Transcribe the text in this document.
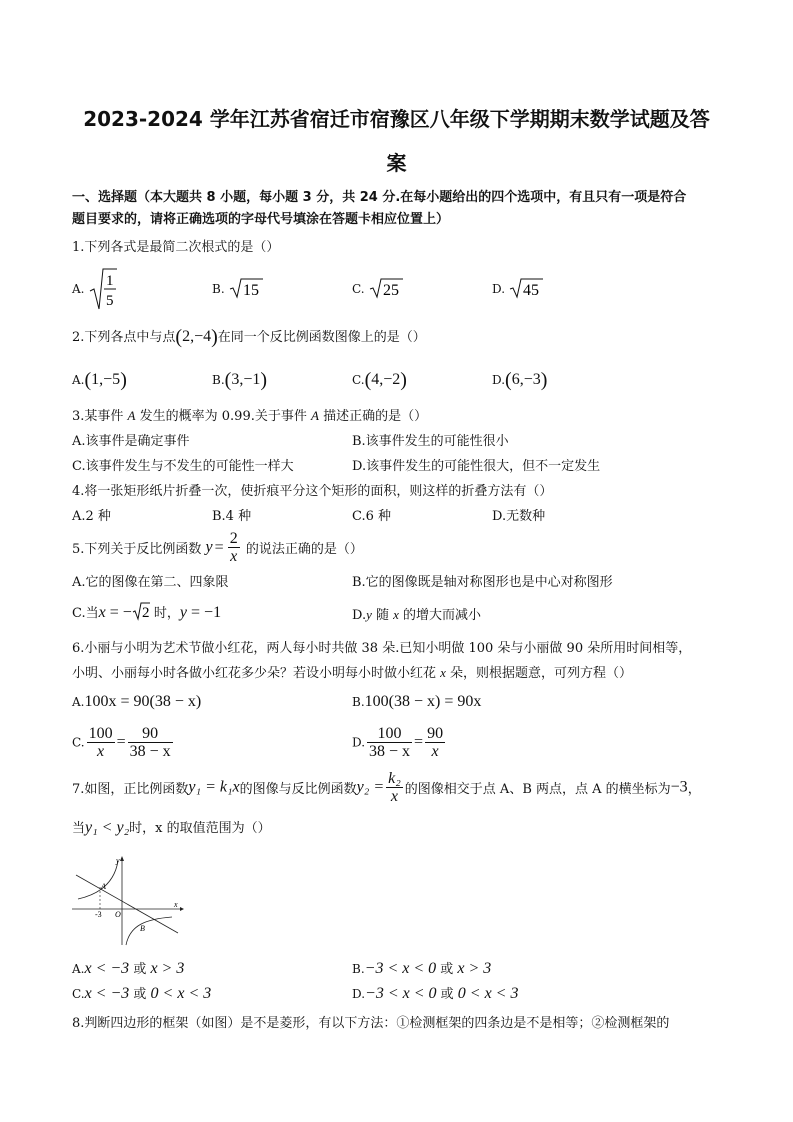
2023-2024 学年江苏省宿迁市宿豫区八年级下学期期末数学试题及答
案
一、选择题（本大题共 8 小题，每小题 3 分，共 24 分.在每小题给出的四个选项中，有且只有一项是符合
题目要求的，请将正确选项的字母代号填涂在答题卡相应位置上）
1.下列各式是最简二次根式的是（）
A. 1
5
B. 15	C. 25	D. 45
2.下列各点中与点(2,−4)在同一个反比例函数图像上的是（）
A.(1,−5)	B.(3,−1)	C.(4,−2)	D.(6,−3)
3.某事件 A 发生的概率为 0.99.关于事件 A 描述正确的是（）
A.该事件是确定事件	B.该事件发生的可能性很小
C.该事件发生与不发生的可能性一样大	D.该事件发生的可能性很大，但不一定发生
4.将一张矩形纸片折叠一次，使折痕平分这个矩形的面积，则这样的折叠方法有（）
A.2 种	B.4 种	C.6 种	D.无数种
5.下列关于反比例函数 $y = \frac{2}{x}$ 的说法正确的是（）
A.它的图像在第二、四象限	B.它的图像既是轴对称图形也是中心对称图形
C.当x = − 2 时，y = −1	D.y 随 x 的增大而减小
6.小丽与小明为艺术节做小红花，两人每小时共做 38 朵.已知小明做 100 朵与小丽做 90 朵所用时间相等，
小明、小丽每小时各做小红花多少朵？若设小明每小时做小红花 x 朵，则根据题意，可列方程（）
A.100x = 90(38 − x)	B.100(38 − x) = 90x
C. $\frac{100}{x} = \frac{90}{38 - x}$	D. $\frac{100}{38 - x} = \frac{90}{x}$
7.如图，正比例函数y₁ = k₁x的图像与反比例函数$y_2 = \frac{\text{k₂}}{x}$ 的图像相交于点 A、B 两点，点 A 的横坐标为−3，
当y₁ < y₂时，x 的取值范围为（）
y
x
O
-3
A
B
A.x < −3 或 x > 3	B.−3 < x < 0 或 x > 3
C.x < −3 或 0 < x < 3	D.−3 < x < 0 或 0 < x < 3
8.判断四边形的框架（如图）是不是菱形，有以下方法：①检测框架的四条边是不是相等；②检测框架的
